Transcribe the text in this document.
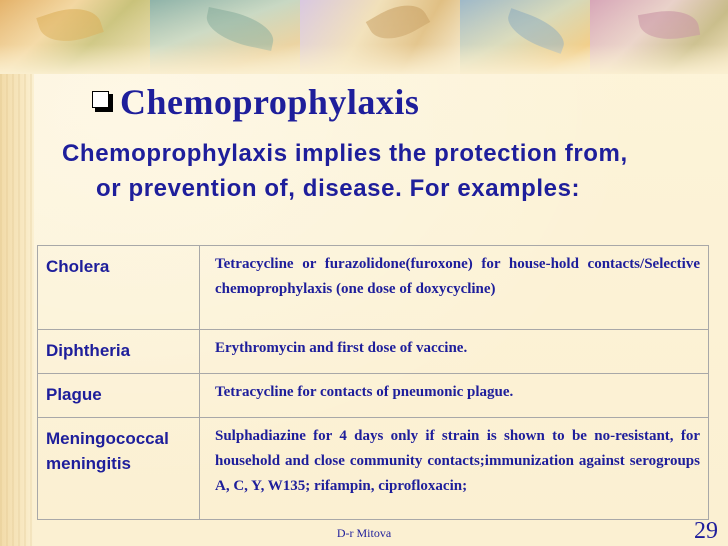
Chemoprophylaxis
Chemoprophylaxis implies the protection from,
or prevention of, disease. For examples:
Cholera	Tetracycline or furazolidone(furoxone) for house-hold contacts/Selective chemoprophylaxis (one dose of doxycycline)
Diphtheria	Erythromycin and first dose of vaccine.
Plague	Tetracycline for contacts of pneumonic plague.
Meningococcal meningitis	Sulphadiazine for 4 days only if strain is shown to be no-resistant, for household and close community contacts;immunization against serogroups A, C, Y, W135; rifampin, ciprofloxacin;
D-r Mitova	29
